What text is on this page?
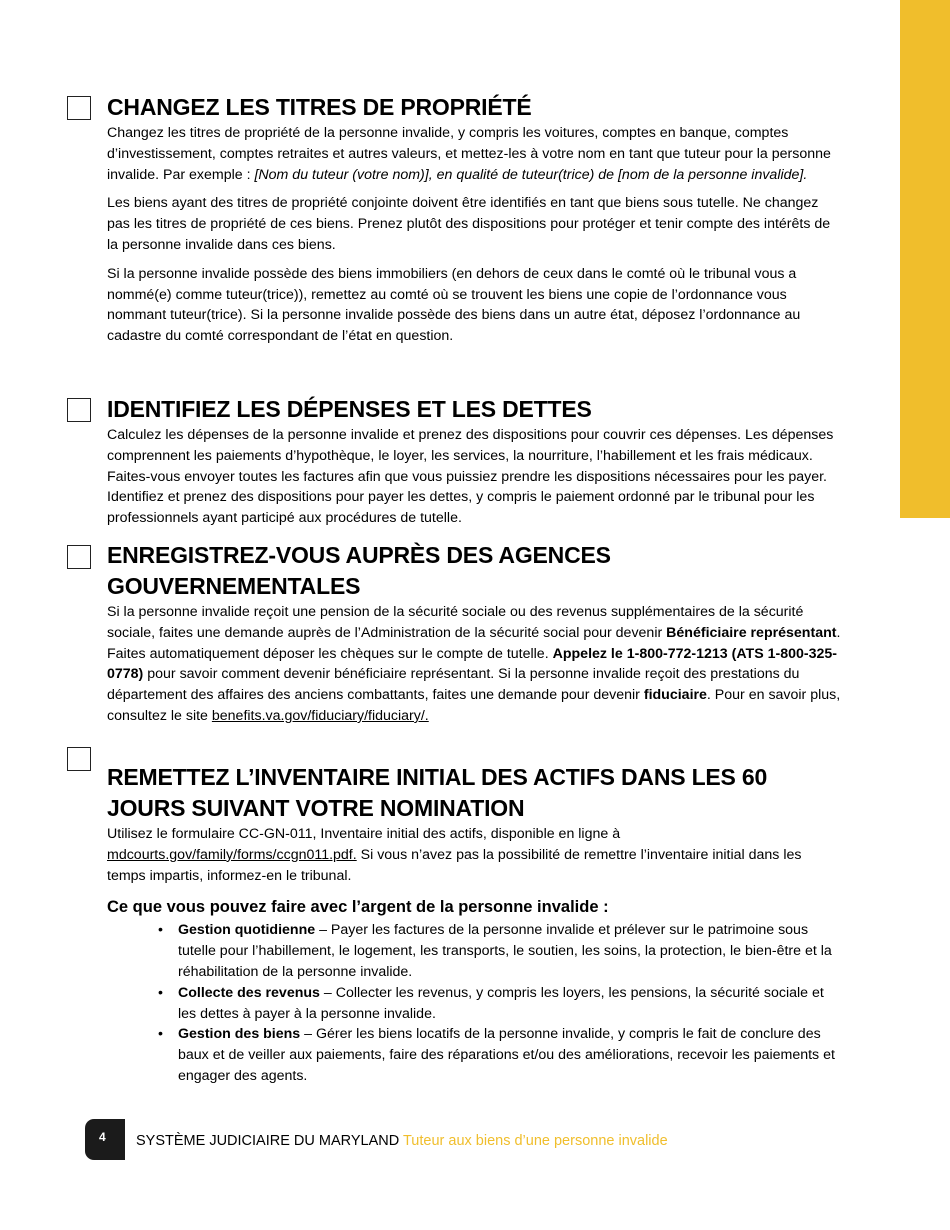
CHANGEZ LES TITRES DE PROPRIÉTÉ

Changez les titres de propriété de la personne invalide, y compris les voitures, comptes en banque, comptes d’investissement, comptes retraites et autres valeurs, et mettez-les à votre nom en tant que tuteur pour la personne invalide. Par exemple : [Nom du tuteur (votre nom)], en qualité de tuteur(trice) de [nom de la personne invalide].

Les biens ayant des titres de propriété conjointe doivent être identifiés en tant que biens sous tutelle. Ne changez pas les titres de propriété de ces biens. Prenez plutôt des dispositions pour protéger et tenir compte des intérêts de la personne invalide dans ces biens.

Si la personne invalide possède des biens immobiliers (en dehors de ceux dans le comté où le tribunal vous a nommé(e) comme tuteur(trice)), remettez au comté où se trouvent les biens une copie de l’ordonnance vous nommant tuteur(trice). Si la personne invalide possède des biens dans un autre état, déposez l’ordonnance au cadastre du comté correspondant de l’état en question.

IDENTIFIEZ LES DÉPENSES ET LES DETTES

Calculez les dépenses de la personne invalide et prenez des dispositions pour couvrir ces dépenses. Les dépenses comprennent les paiements d’hypothèque, le loyer, les services, la nourriture, l’habillement et les frais médicaux. Faites-vous envoyer toutes les factures afin que vous puissiez prendre les dispositions nécessaires pour les payer. Identifiez et prenez des dispositions pour payer les dettes, y compris le paiement ordonné par le tribunal pour les professionnels ayant participé aux procédures de tutelle.

ENREGISTREZ-VOUS AUPRÈS DES AGENCES GOUVERNEMENTALES

Si la personne invalide reçoit une pension de la sécurité sociale ou des revenus supplémentaires de la sécurité sociale, faites une demande auprès de l’Administration de la sécurité social pour devenir Bénéficiaire représentant. Faites automatiquement déposer les chèques sur le compte de tutelle. Appelez le 1-800-772-1213 (ATS 1-800-325-0778) pour savoir comment devenir bénéficiaire représentant. Si la personne invalide reçoit des prestations du département des affaires des anciens combattants, faites une demande pour devenir fiduciaire. Pour en savoir plus, consultez le site benefits.va.gov/fiduciary/fiduciary/.

REMETTEZ L’INVENTAIRE INITIAL DES ACTIFS DANS LES 60 JOURS SUIVANT VOTRE NOMINATION

Utilisez le formulaire CC-GN-011, Inventaire initial des actifs, disponible en ligne à mdcourts.gov/family/forms/ccgn011.pdf. Si vous n’avez pas la possibilité de remettre l’inventaire initial dans les temps impartis, informez-en le tribunal.

Ce que vous pouvez faire avec l’argent de la personne invalide :
• Gestion quotidienne – Payer les factures de la personne invalide et prélever sur le patrimoine sous tutelle pour l’habillement, le logement, les transports, le soutien, les soins, la protection, le bien-être et la réhabilitation de la personne invalide.
• Collecte des revenus – Collecter les revenus, y compris les loyers, les pensions, la sécurité sociale et les dettes à payer à la personne invalide.
• Gestion des biens – Gérer les biens locatifs de la personne invalide, y compris le fait de conclure des baux et de veiller aux paiements, faire des réparations et/ou des améliorations, recevoir les paiements et engager des agents.
4	SYSTÈME JUDICIAIRE DU MARYLAND Tuteur aux biens d’une personne invalide
